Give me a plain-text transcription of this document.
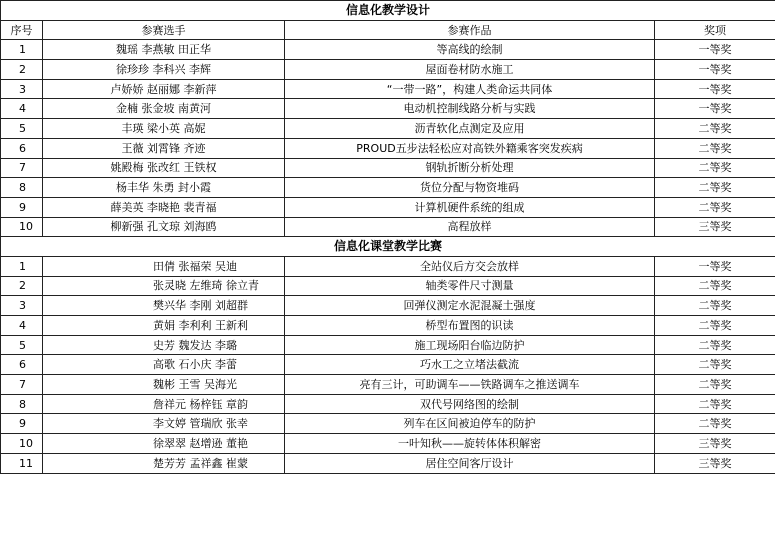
信息化教学设计			
序号	参赛选手	参赛作品	奖项
1	魏瑶 李燕敏 田正华	等高线的绘制	一等奖
2	徐珍珍 李科兴 李辉	屋面卷材防水施工	一等奖
3	卢娇娇 赵丽娜 李新萍	“一带一路”，构建人类命运共同体	一等奖
4	金楠 张金坡 南黄河	电动机控制线路分析与实践	一等奖
5	丰瑛 梁小英 高妮	沥青软化点测定及应用	二等奖
6	王薇 刘霄锋 齐迹	PROUD五步法轻松应对高铁外籍乘客突发疾病	二等奖
7	姚殿梅 张改红 王铁权	钢轨折断分析处理	二等奖
8	杨丰华 朱勇 封小霞	货位分配与物资堆码	二等奖
9	薛美英 李晓艳 裴青福	计算机硬件系统的组成	二等奖
10	柳新强 孔文琼 刘海鸥	高程放样	三等奖
信息化课堂教学比赛			
1	田倩 张福荣 吴迪	全站仪后方交会放样	一等奖
2	张灵晓 左维琦 徐立青	轴类零件尺寸测量	二等奖
3	樊兴华 李刚 刘超群	回弹仪测定水泥混凝土强度	二等奖
4	黄娟 李利利 王新利	桥型布置图的识读	二等奖
5	史芳 魏发达 李璐	施工现场阳台临边防护	二等奖
6	高歌 石小庆 李蕾	巧水工之立堵法截流	二等奖
7	魏彬 王雪 吴海光	亮有三计，可助调车——铁路调车之推送调车	二等奖
8	詹祥元 杨梓钰 章韵	双代号网络图的绘制	二等奖
9	李文婷 管瑞欣 张幸	列车在区间被迫停车的防护	二等奖
10	徐翠翠 赵增逊 董艳	一叶知秋——旋转体体积解密	三等奖
11	楚芳芳 孟祥鑫 崔蒙	居住空间客厅设计	三等奖
